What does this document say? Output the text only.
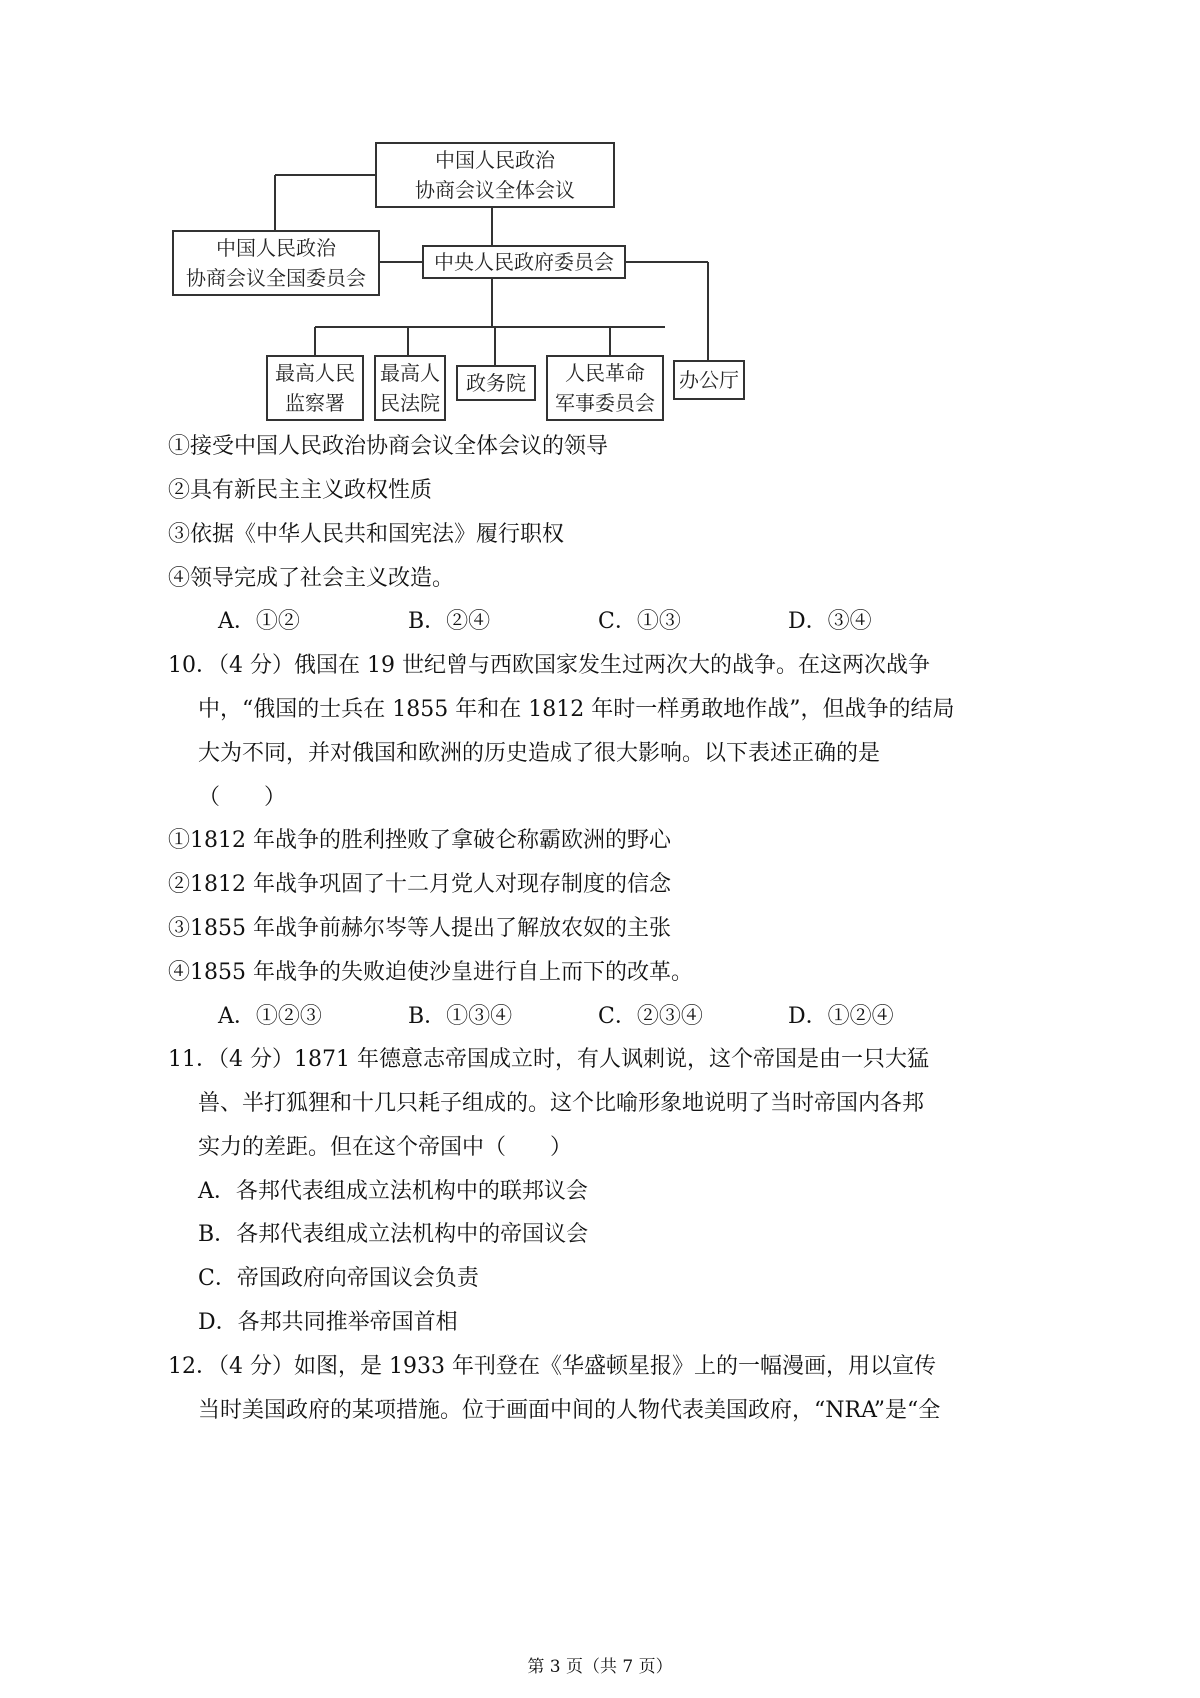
中国人民政治
协商会议全体会议
中国人民政治
协商会议全国委员会
中央人民政府委员会
最高人民
监察署
最高人
民法院
政务院	人民革命
军事委员会
办公厅
①接受中国人民政治协商会议全体会议的领导
②具有新民主主义政权性质
③依据《中华人民共和国宪法》履行职权
④领导完成了社会主义改造。
A．①②	B．②④	C．①③	D．③④
10．（4 分）俄国在 19 世纪曾与西欧国家发生过两次大的战争。在这两次战争
中，“俄国的士兵在 1855 年和在 1812 年时一样勇敢地作战”，但战争的结局
大为不同，并对俄国和欧洲的历史造成了很大影响。以下表述正确的是
（　　）
①1812 年战争的胜利挫败了拿破仑称霸欧洲的野心
②1812 年战争巩固了十二月党人对现存制度的信念
③1855 年战争前赫尔岑等人提出了解放农奴的主张
④1855 年战争的失败迫使沙皇进行自上而下的改革。
A．①②③	B．①③④	C．②③④	D．①②④
11．（4 分）1871 年德意志帝国成立时，有人讽刺说，这个帝国是由一只大猛
兽、半打狐狸和十几只耗子组成的。这个比喻形象地说明了当时帝国内各邦
实力的差距。但在这个帝国中（　　）
A．各邦代表组成立法机构中的联邦议会
B．各邦代表组成立法机构中的帝国议会
C．帝国政府向帝国议会负责
D．各邦共同推举帝国首相
12．（4 分）如图，是 1933 年刊登在《华盛顿星报》上的一幅漫画，用以宣传
当时美国政府的某项措施。位于画面中间的人物代表美国政府，“NRA”是“全
第 3 页（共 7 页）
